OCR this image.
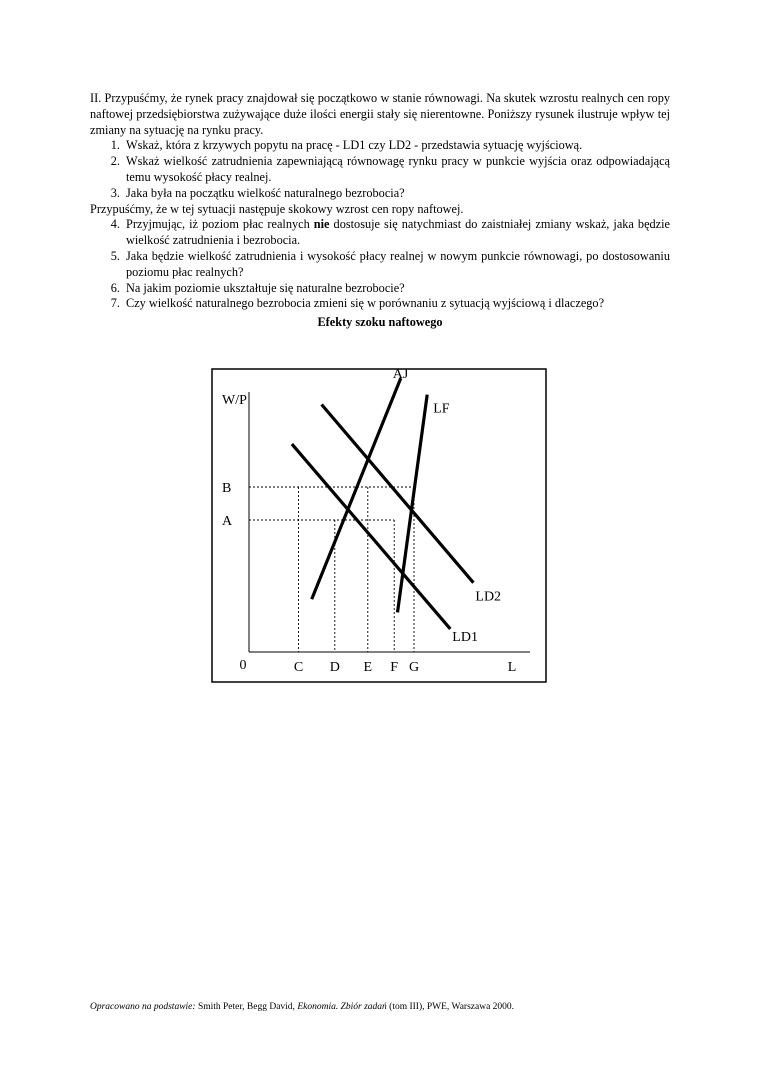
II. Przypuśćmy, że rynek pracy znajdował się początkowo w stanie równowagi. Na skutek wzrostu realnych cen ropy naftowej przedsiębiorstwa zużywające duże ilości energii stały się nierentowne. Poniższy rysunek ilustruje wpływ tej zmiany na sytuację na rynku pracy.

1. Wskaż, która z krzywych popytu na pracę - LD1 czy LD2 - przedstawia sytuację wyjściową.
2. Wskaż wielkość zatrudnienia zapewniającą równowagę rynku pracy w punkcie wyjścia oraz odpowiadającą temu wysokość płacy realnej.
3. Jaka była na początku wielkość naturalnego bezrobocia?

Przypuśćmy, że w tej sytuacji następuje skokowy wzrost cen ropy naftowej.

4. Przyjmując, iż poziom płac realnych nie dostosuje się natychmiast do zaistniałej zmiany wskaż, jaka będzie wielkość zatrudnienia i bezrobocia.
5. Jaka będzie wielkość zatrudnienia i wysokość płacy realnej w nowym punkcie równowagi, po dostosowaniu poziomu płac realnych?
6. Na jakim poziomie ukształtuje się naturalne bezrobocie?
7. Czy wielkość naturalnego bezrobocia zmieni się w porównaniu z sytuacją wyjściową i dlaczego?
Efekty szoku naftowego
AJ
LF
LD2
LD1
C D E F G
A
B
W/P
L
0
Opracowano na podstawie: Smith Peter, Begg David, Ekonomia. Zbiór zadań (tom III), PWE, Warszawa 2000.
